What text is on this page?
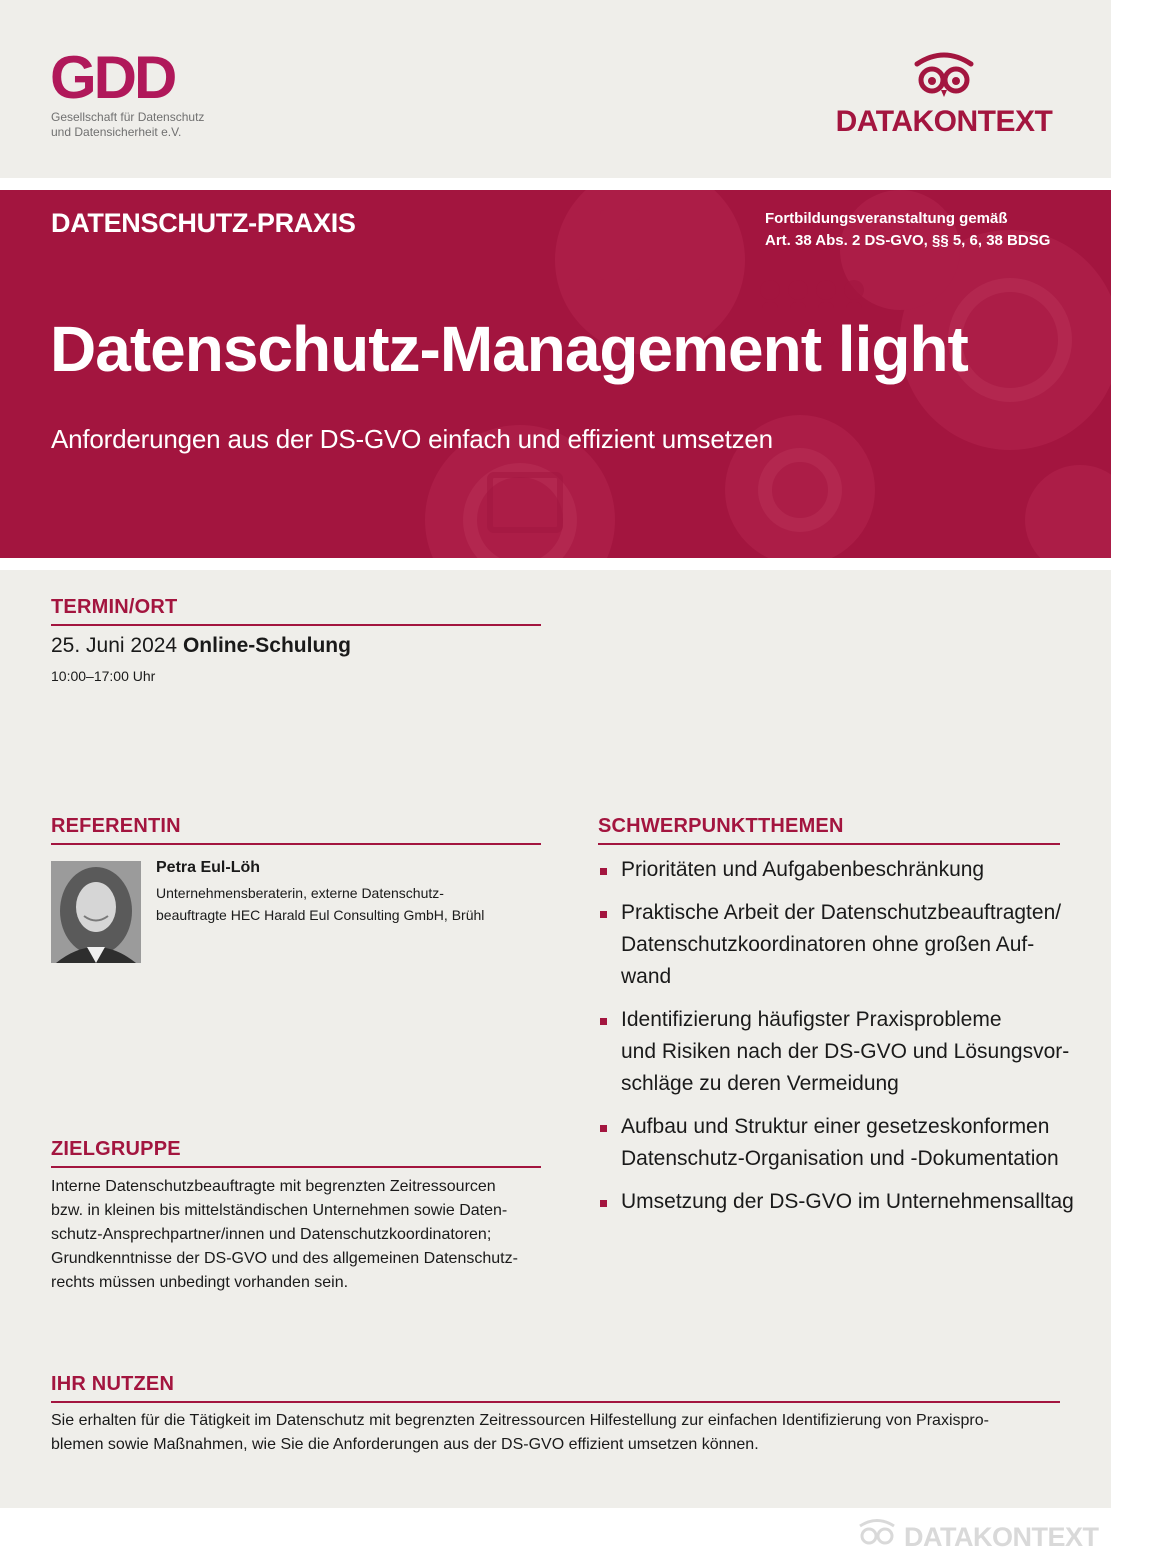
GDD
Gesellschaft für Datenschutz
und Datensicherheit e.V.	DATAKONTEXT
DATENSCHUTZ-PRAXIS	Fortbildungsveranstaltung gemäß
Art. 38 Abs. 2 DS-GVO, §§ 5, 6, 38 BDSG
Datenschutz-Management light
Anforderungen aus der DS-GVO einfach und effizient umsetzen
TERMIN/ORT
25. Juni 2024 Online-Schulung
10:00–17:00 Uhr
REFERENTIN
Petra Eul-Löh
Unternehmensberaterin, externe Datenschutz-
beauftragte HEC Harald Eul Consulting GmbH, Brühl
SCHWERPUNKTTHEMEN
Prioritäten und Aufgabenbeschränkung
Praktische Arbeit der Datenschutzbeauftragten/
Datenschutzkoordinatoren ohne großen Auf-
wand
Identifizierung häufigster Praxisprobleme
und Risiken nach der DS-GVO und Lösungsvor-
schläge zu deren Vermeidung
Aufbau und Struktur einer gesetzeskonformen
Datenschutz-Organisation und -Dokumentation
Umsetzung der DS-GVO im Unternehmensalltag
ZIELGRUPPE
Interne Datenschutzbeauftragte mit begrenzten Zeitressourcen
bzw. in kleinen bis mittelständischen Unternehmen sowie Daten-
schutz-Ansprechpartner/innen und Datenschutzkoordinatoren;
Grundkenntnisse der DS-GVO und des allgemeinen Datenschutz-
rechts müssen unbedingt vorhanden sein.
IHR NUTZEN
Sie erhalten für die Tätigkeit im Datenschutz mit begrenzten Zeitressourcen Hilfestellung zur einfachen Identifizierung von Praxispro-
blemen sowie Maßnahmen, wie Sie die Anforderungen aus der DS-GVO effizient umsetzen können.
DATAKONTEXT
